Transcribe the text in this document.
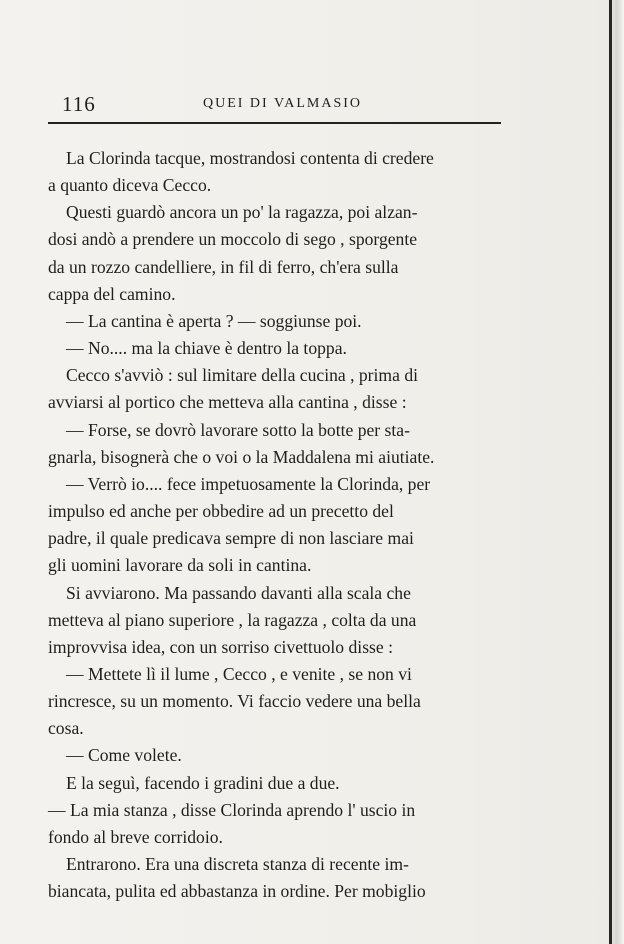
116	QUEI DI VALMASIO
La Clorinda tacque, mostrandosi contenta di credere
a quanto diceva Cecco.
Questi guardò ancora un po' la ragazza, poi alzan-
dosi andò a prendere un moccolo di sego , sporgente
da un rozzo candelliere, in fil di ferro, ch'era sulla
cappa del camino.
— La cantina è aperta ? — soggiunse poi.
— No.... ma la chiave è dentro la toppa.
Cecco s'avviò : sul limitare della cucina , prima di
avviarsi al portico che metteva alla cantina , disse :
— Forse, se dovrò lavorare sotto la botte per sta-
gnarla, bisognerà che o voi o la Maddalena mi aiutiate.
— Verrò io.... fece impetuosamente la Clorinda, per
impulso ed anche per obbedire ad un precetto del
padre, il quale predicava sempre di non lasciare mai
gli uomini lavorare da soli in cantina.
Si avviarono. Ma passando davanti alla scala che
metteva al piano superiore , la ragazza , colta da una
improvvisa idea, con un sorriso civettuolo disse :
— Mettete lì il lume , Cecco , e venite , se non vi
rincresce, su un momento. Vi faccio vedere una bella
cosa.
— Come volete.
E la seguì, facendo i gradini due a due.
— La mia stanza , disse Clorinda aprendo l' uscio in
fondo al breve corridoio.
Entrarono. Era una discreta stanza di recente im-
biancata, pulita ed abbastanza in ordine. Per mobiglio
